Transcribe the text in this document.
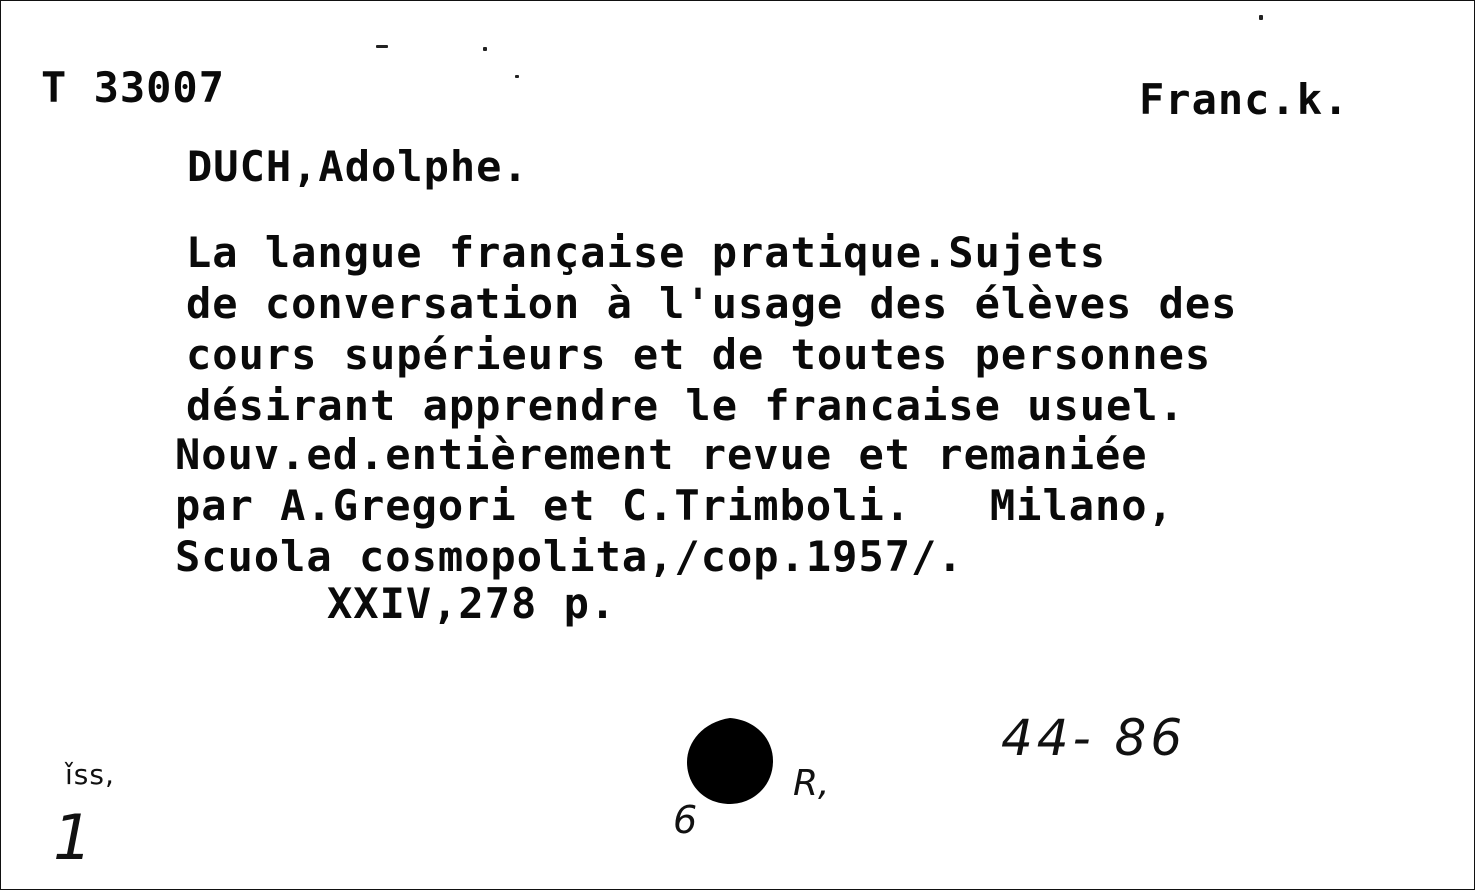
T 33007	Franc.k.
DUCH,Adolphe.
La langue française pratique.Sujets
de conversation à l'usage des élèves des
cours supérieurs et de toutes personnes
désirant apprendre le francaise usuel.
Nouv.ed.entièrement revue et remaniée
par A.Gregori et C.Trimboli.   Milano,
Scuola cosmopolita,/cop.1957/.
XXIV,278 p.
44- 86
R,
6
ǐss,
1
